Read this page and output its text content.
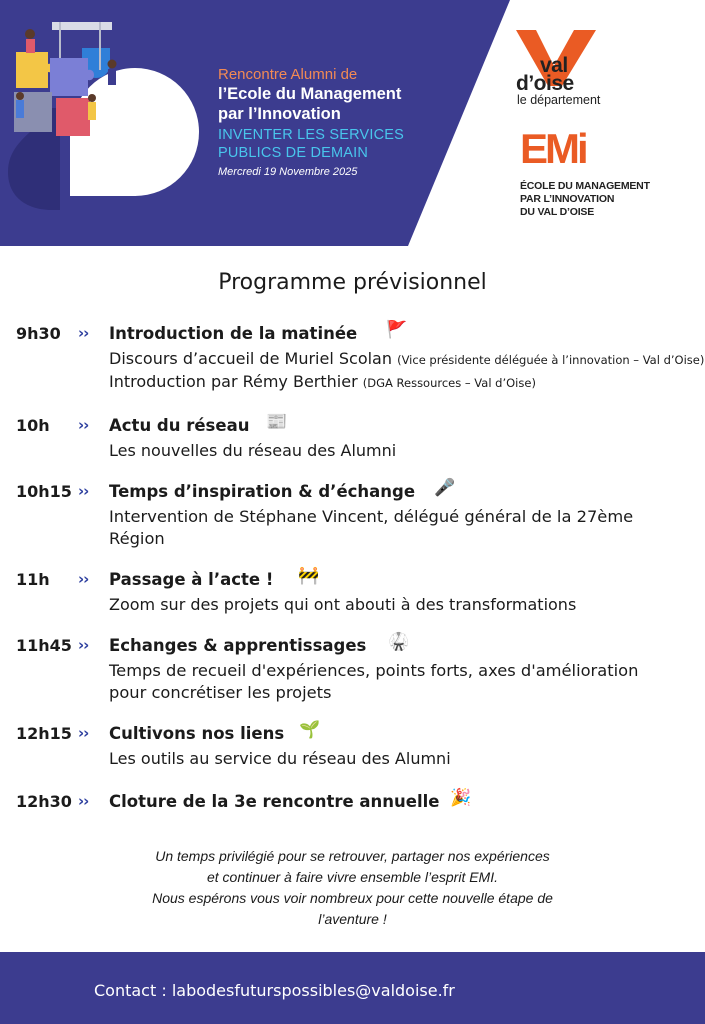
Rencontre Alumni de
l’Ecole du Management
par l’Innovation
INVENTER LES SERVICES
PUBLICS DE DEMAIN
Mercredi 19 Novembre 2025
val
d’oise
le département
EMi
ÉCOLE DU MANAGEMENT
PAR L’INNOVATION
DU VAL D’OISE
Programme prévisionnel
9h30 ›› Introduction de la matinée 🚩
Discours d’accueil de Muriel Scolan (Vice présidente déléguée à l’innovation – Val d’Oise)
Introduction par Rémy Berthier (DGA Ressources – Val d’Oise)
10h ›› Actu du réseau 📰
Les nouvelles du réseau des Alumni
10h15 ›› Temps d’inspiration & d’échange 🎤
Intervention de Stéphane Vincent, délégué général de la 27ème Région
11h ›› Passage à l’acte ! 🚧
Zoom sur des projets qui ont abouti à des transformations
11h45 ›› Echanges & apprentissages 🥋
Temps de recueil d'expériences, points forts, axes d'amélioration pour concrétiser les projets
12h15 ›› Cultivons nos liens 🌱
Les outils au service du réseau des Alumni
12h30 ›› Cloture de la 3e rencontre annuelle 🎉
Un temps privilégié pour se retrouver, partager nos expériences
et continuer à faire vivre ensemble l’esprit EMI.
Nous espérons vous voir nombreux pour cette nouvelle étape de
l’aventure !
Contact : labodesfuturspossibles@valdoise.fr
